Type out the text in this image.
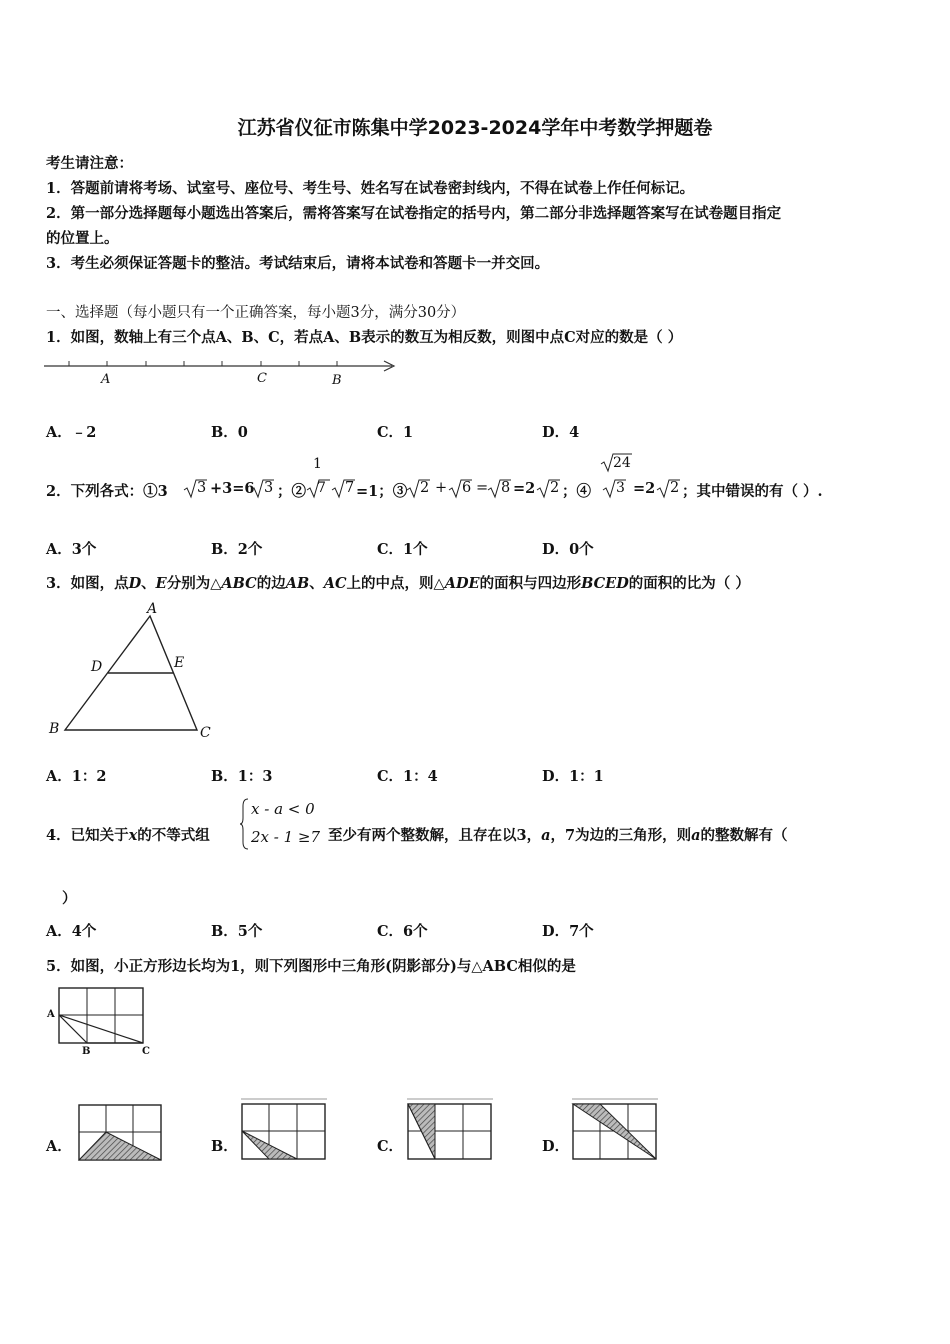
江苏省仪征市陈集中学2023-2024学年中考数学押题卷
考生请注意：
1．答题前请将考场、试室号、座位号、考生号、姓名写在试卷密封线内，不得在试卷上作任何标记。
2．第一部分选择题每小题选出答案后，需将答案写在试卷指定的括号内，第二部分非选择题答案写在试卷题目指定
的位置上。
3．考生必须保证答题卡的整洁。考试结束后，请将本试卷和答题卡一并交回。
一、选择题（每小题只有一个正确答案，每小题3分，满分30分）
1．如图，数轴上有三个点A、B、C，若点A、B表示的数互为相反数，则图中点C对应的数是（ ）
A	C	B
A．﹣2	B．0	C．1	D．4
2．下列各式：①3 3 +3=6 3 ；②
1
7 7 =1；③ 2 + 6 = 8 =2 2 ；④
24
3 =2 2 ；其中错误的有（ ）.
A．3个	B．2个	C．1个	D．0个
3．如图，点D、E分别为△ABC的边AB、AC上的中点，则△ADE的面积与四边形BCED的面积的比为（ ）
A
D	E
B	C
A．1：2	B．1：3	C．1：4	D．1：1
4．已知关于x的不等式组
x - a < 0
2x - 1 ≥7 至少有两个整数解，且存在以3，a，7为边的三角形，则a的整数解有（
）
A．4个	B．5个	C．6个	D．7个
5．如图，小正方形边长均为1，则下列图形中三角形(阴影部分)与△ABC相似的是
A
B	C
A．	B．	C．	D．
